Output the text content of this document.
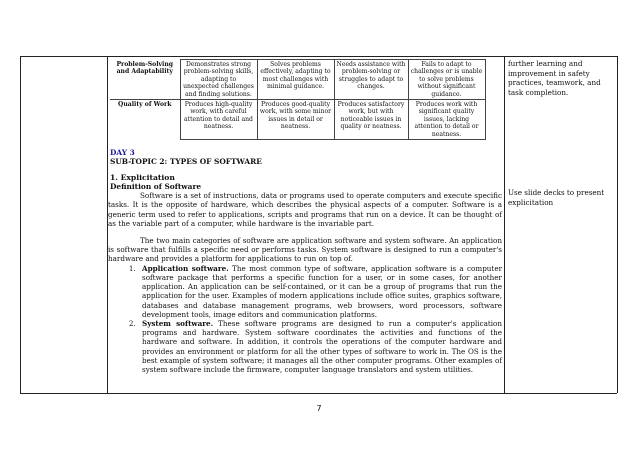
Problem-Solving and Adaptability	Demonstrates strong problem-solving skills, adapting to unexpected challenges and finding solutions.	Solves problems effectively, adapting to most challenges with minimal guidance.	Needs assistance with problem-solving or struggles to adapt to changes.	Fails to adapt to challenges or is unable to solve problems without significant guidance.
Quality of Work	Produces high-quality work, with careful attention to detail and neatness.	Produces good-quality work, with some minor issues in detail or neatness.	Produces satisfactory work, but with noticeable issues in quality or neatness.	Produces work with significant quality issues, lacking attention to detail or neatness.
DAY 3
SUB-TOPIC 2: TYPES OF SOFTWARE
1. Explicitation
Definition of Software

Software is a set of instructions, data or programs used to operate computers and execute specific tasks. It is the opposite of hardware, which describes the physical aspects of a computer. Software is a generic term used to refer to applications, scripts and programs that run on a device. It can be thought of as the variable part of a computer, while hardware is the invariable part.

The two main categories of software are application software and system software. An application is software that fulfills a specific need or performs tasks. System software is designed to run a computer's hardware and provides a platform for applications to run on top of.

1. Application software. The most common type of software, application software is a computer software package that performs a specific function for a user, or in some cases, for another application. An application can be self-contained, or it can be a group of programs that run the application for the user. Examples of modern applications include office suites, graphics software, databases and database management programs, web browsers, word processors, software development tools, image editors and communication platforms.
2. System software. These software programs are designed to run a computer's application programs and hardware. System software coordinates the activities and functions of the hardware and software. In addition, it controls the operations of the computer hardware and provides an environment or platform for all the other types of software to work in. The OS is the best example of system software; it manages all the other computer programs. Other examples of system software include the firmware, computer language translators and system utilities.
further learning and improvement in safety practices, teamwork, and task completion.
Use slide decks to present explicitation
7
